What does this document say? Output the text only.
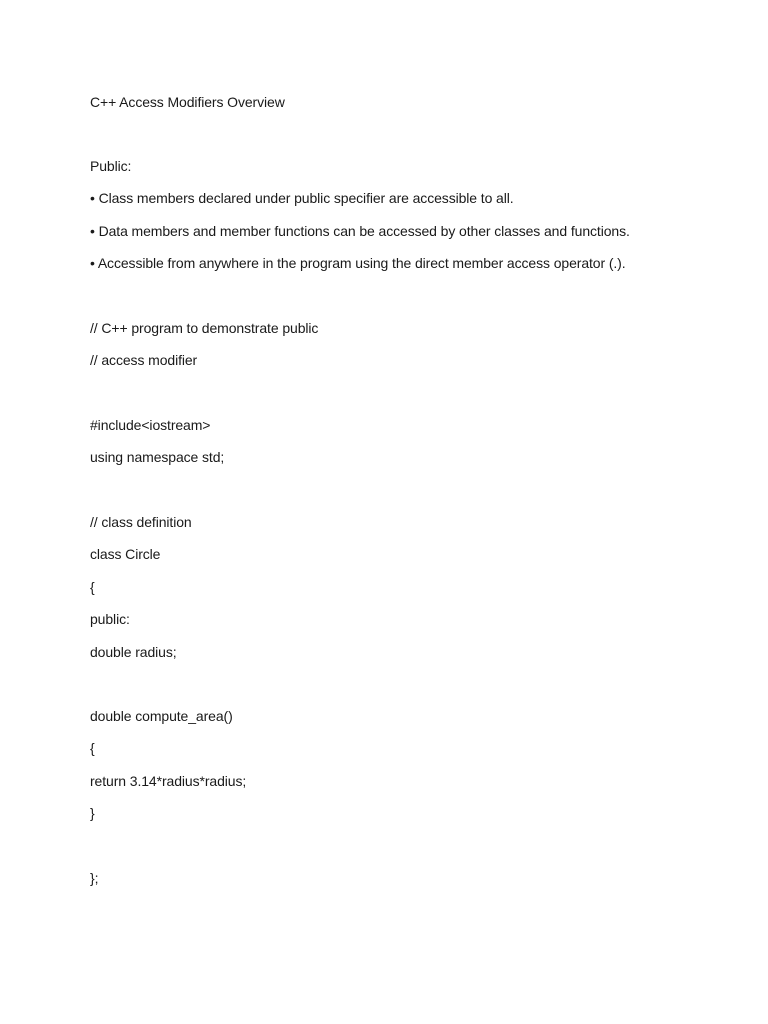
C++ Access Modifiers Overview
Public:
• Class members declared under public specifier are accessible to all.
• Data members and member functions can be accessed by other classes and functions.
• Accessible from anywhere in the program using the direct member access operator (.).
// C++ program to demonstrate public
// access modifier
#include<iostream>
using namespace std;
// class definition
class Circle
{
public:
double radius;
double compute_area()
{
return 3.14*radius*radius;
}
};
